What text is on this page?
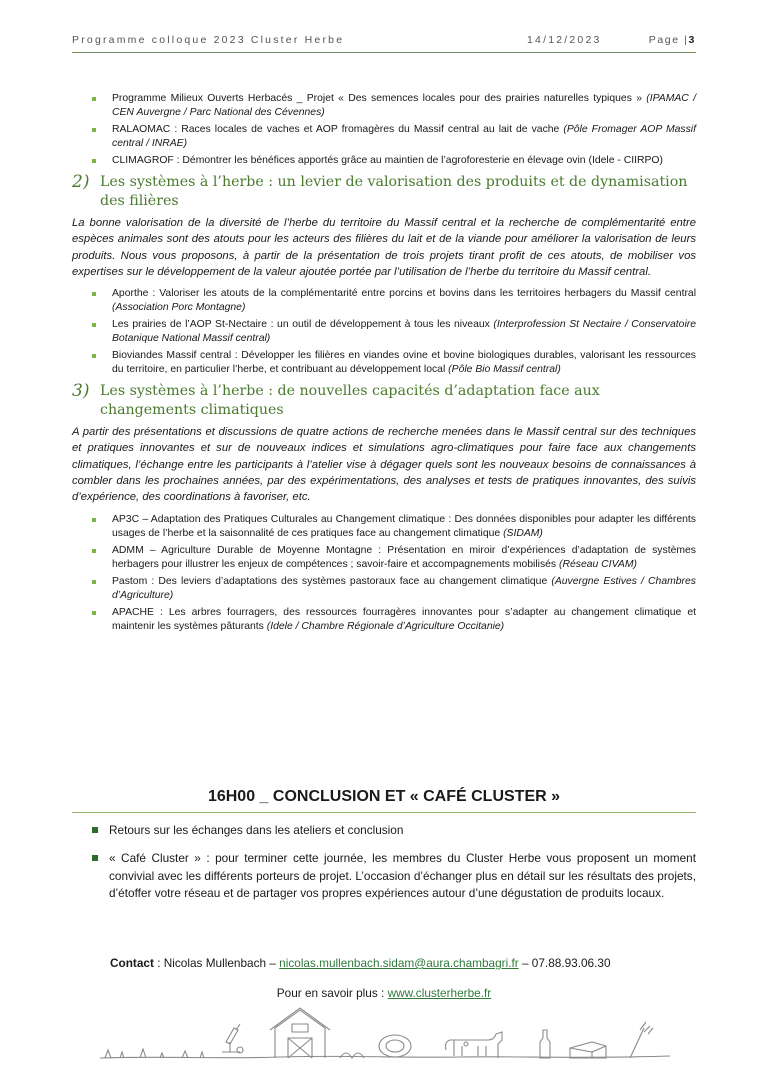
Programme colloque 2023 Cluster Herbe	14/12/2023	Page |3
Programme Milieux Ouverts Herbacés _ Projet « Des semences locales pour des prairies naturelles typiques » (IPAMAC / CEN Auvergne / Parc National des Cévennes)
RALAOMAC : Races locales de vaches et AOP fromagères du Massif central au lait de vache (Pôle Fromager AOP Massif central / INRAE)
CLIMAGROF : Démontrer les bénéfices apportés grâce au maintien de l’agroforesterie en élevage ovin (Idele - CIIRPO)
2) Les systèmes à l’herbe : un levier de valorisation des produits et de dynamisation des filières

La bonne valorisation de la diversité de l’herbe du territoire du Massif central et la recherche de complémentarité entre espèces animales sont des atouts pour les acteurs des filières du lait et de la viande pour améliorer la valorisation de leurs produits. Nous vous proposons, à partir de la présentation de trois projets tirant profit de ces atouts, de mobiliser vos expertises sur le développement de la valeur ajoutée portée par l’utilisation de l’herbe du territoire du Massif central.

Aporthe : Valoriser les atouts de la complémentarité entre porcins et bovins dans les territoires herbagers du Massif central (Association Porc Montagne)
Les prairies de l’AOP St-Nectaire : un outil de développement à tous les niveaux (Interprofession St Nectaire / Conservatoire Botanique National Massif central)
Bioviandes Massif central : Développer les filières en viandes ovine et bovine biologiques durables, valorisant les ressources du territoire, en particulier l’herbe, et contribuant au développement local (Pôle Bio Massif central)
3) Les systèmes à l’herbe : de nouvelles capacités d’adaptation face aux changements climatiques

A partir des présentations et discussions de quatre actions de recherche menées dans le Massif central sur des techniques et pratiques innovantes et sur de nouveaux indices et simulations agro-climatiques pour faire face aux changements climatiques, l’échange entre les participants à l’atelier vise à dégager quels sont les nouveaux besoins de connaissances à combler dans les prochaines années, par des expérimentations, des analyses et tests de pratiques innovantes, des suivis d’expérience, des coordinations à favoriser, etc.

AP3C – Adaptation des Pratiques Culturales au Changement climatique : Des données disponibles pour adapter les différents usages de l’herbe et la saisonnalité de ces pratiques face au changement climatique (SIDAM)
ADMM – Agriculture Durable de Moyenne Montagne : Présentation en miroir d’expériences d’adaptation de systèmes herbagers pour illustrer les enjeux de compétences ; savoir-faire et accompagnements mobilisés (Réseau CIVAM)
Pastom : Des leviers d’adaptations des systèmes pastoraux face au changement climatique (Auvergne Estives / Chambres d’Agriculture)
APACHE : Les arbres fourragers, des ressources fourragères innovantes pour s’adapter au changement climatique et maintenir les systèmes pâturants (Idele / Chambre Régionale d’Agriculture Occitanie)
16H00 _ CONCLUSION ET « CAFÉ CLUSTER »
Retours sur les échanges dans les ateliers et conclusion
« Café Cluster » : pour terminer cette journée, les membres du Cluster Herbe vous proposent un moment convivial avec les différents porteurs de projet. L’occasion d’échanger plus en détail sur les résultats des projets, d’étoffer votre réseau et de partager vos propres expériences autour d’une dégustation de produits locaux.
Contact : Nicolas Mullenbach – nicolas.mullenbach.sidam@aura.chambagri.fr – 07.88.93.06.30
Pour en savoir plus : www.clusterherbe.fr
